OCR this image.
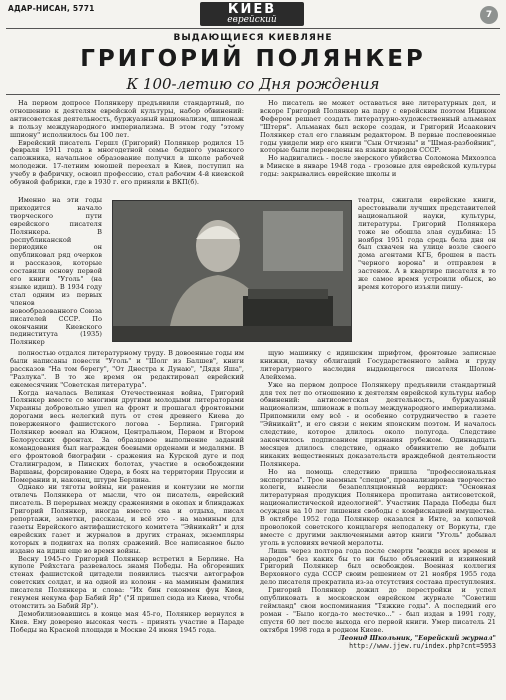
АДАР-НИСАН, 5771	КИЕВ
еврейский	7
ВЫДАЮЩИЕСЯ КИЕВЛЯНЕ
ГРИГОРИЙ ПОЛЯНКЕР
К 100-летию со Дня рождения

На первом допросе Полянкеру предъявили стандартный, по отношению к деятелям еврейской культуры, набор обвинений: антисоветская деятельность, буржуазный национализм, шпионаж в пользу международного империализма. В этом году "этому шпиону" исполнилось бы 100 лет.

Еврейский писатель Гершл (Григорий) Полянкер родился 15 февраля 1911 года в многодетной семье бедного уманского сапожника, начальное образование получил в школе рабочей молодежи. 17-летним юношей переехал в Киев, поступил на учебу в фабричку, освоил профессию, стал рабочим 4-й киевской обувной фабрики, где в 1930 г. его приняли в ВКП(б).

Именно на эти годы приходится начало творческого пути еврейского писателя Полянкера. В республиканской периодике он опубликовал ряд очерков и рассказов, которые составили основу первой его книги "Уголь" (на языке идиш). В 1934 году стал одним из первых членов новообразованного Союза писателей СССР. По окончании Киевского пединститута (1935) Полянкер

Но писатель не может оставаться вне литературных дел, и вскоре Григорий Полянкер на пару с еврейским поэтом Ициком Фефером решает создать литературно-художественный альманах "Штерн". Альманах был вскоре создан, и Григорий Исаакович Полянкер стал его главным редактором. В первые послевоенные годы увидели мир его книги "Сын Отчизны" и "Шмая-разбойник", которые были переведены на языки народов СССР.

Но надвигались - после зверского убийства Соломона Михоэлса в Минске в январе 1948 года - грозовые для еврейской культуры годы: закрывались еврейские школы и

театры, сжигали еврейские книги, арестовывали лучших представителей национальной науки, культуры, литературы. Григорий Полянкера тоже не обошла злая судьбина: 15 ноября 1951 года средь бела дня он был схвачен на улице возле своего дома агентами КГБ, брошен в пасть "черного ворона" и отправлен в застенок. А в квартире писателя в то же самое время устроили обыск, во время которого изъяли пишу-

полностью отдался литературному труду. В довоенные годы им были написаны повести "Уголь" и "Шолг из Балшев", книги рассказов "На том берегу", "От Днестра к Дунаю", "Дядя Яша", "Разлука". В то же время он редактировал еврейский ежемесячник "Советская литература".

Когда началась Великая Отечественная война, Григорий Полянкер вместе со многими другими молодыми литераторами Украины добровольно ушел на фронт и прошагал фронтовыми дорогами весь нелегкий путь от стен древнего Киева до поверженного фашистского логова - Берлина. Григорий Полянкер воевал на Южном, Центральном, Первом и Втором Белорусских фронтах. За образцовое выполнение заданий командования был награжден боевыми орденами и медалями. В его фронтовой биографии - сражения на Курской дуге и под Сталинградом, в Пинских болотах, участие в освобождении Варшавы, форсирование Одера, в боях на территории Пруссии и Померании и, наконец, штурм Берлина.

Однако ни тяготы войны, ни ранения и контузии не могли отвлечь Полянкера от мысли, что он писатель, еврейский писатель. В перерывах между сражениями в окопах и блиндажах Григорий Полянкер, иногда вместо сна и отдыха, писал репортажи, заметки, рассказы, и всё это - на маминым для газеты Еврейского антифашистского комитета "Эйникайт" и для еврейских газет и журналов в других странах, экземпляры которых в подвигах на полях сражений. Все написанное было издано на идиш еще во время войны.

Весну 1945-го Григорий Полянкер встретил в Берлине. На куполе Рейхстага развевалось знамя Победы. На обгоревших стенах фашистской цитадели появились тысячи автографов советских солдат, и на одной из колонн - на маминым фамилия писателя Полянкера и слова: "Их бин геконмен фун Киев, генумен некума фар Бабий Яр" ("Я пришел сюда из Киева, чтобы отомстить за Бабий Яр").

Демобилизовавшись в конце мая 45-го, Полянкер вернулся в Киев. Ему доверено высокая честь - принять участие в Параде Победы на Красной площади в Москве 24 июня 1945 года.

щую машинку с идишским шрифтом, фронтовые записные книжки, пачку облигаций Государственного займа и груду литературного наследия выдающегося писателя Шолом-Алейхема.

Уже на первом допросе Полянкеру предъявили стандартный для тех лет по отношению к деятелям еврейской культуры набор обвинений: антисоветская деятельность, буржуазный национализм, шпионаж в пользу международного империализма. Припомнили ему всё - и особенно сотрудничество в газете "Эйникайт", и его связи с неким японским поэтом. И началось следствие, которое длилось около полугода. Следствие закончилось подписанием признания рубежом. Одиннадцать месяцев длилось следствие, однако обвинителю не добыли никаких вещественных доказательств враждебной деятельности Полянкера.

Но на помощь следствию пришла "профессиональная экспертиза". Трое наемных "спецов", проанализировав творчество колеги, вынесли безапелляционный вердикт: "Основная литературная продукция Полянкера пропитана антисоветской, националистической идеологией". Участник Парада Победы был осужден на 10 лет лишения свободы с конфискацией имущества. В октябре 1952 года Полянкер оказался в Инте, за колючей проволокой советского концлагеря неподалеку от Воркуты, где вместе с другими заключенными автор книги "Уголь" добывал уголь в условиях вечной мерзлоты.

Лишь через полтора года после смерти "вождя всех времен и народов" без каких бы то ни было объяснений и извинений Григорий Полянкер был освобожден. Военная коллегия Верховного суда СССР своим решением от 21 ноября 1955 года дело писателя прекратила из-за отсутствия состава преступления.

Григорий Полянкер дожил до перестройки и успел опубликовать в московском еврейском журнале "Советиш геймланд" свои воспоминания "Тяжкие годы". А последний его роман - "Было когда-то местечко..." - был издан в 1991 году, спустя 60 лет после выхода его первой книги. Умер писатель 21 октября 1998 года в родном Киеве.

Леонид Школьник, "Еврейский журнал"
http://www.jjew.ru/index.php?cnt=5953
